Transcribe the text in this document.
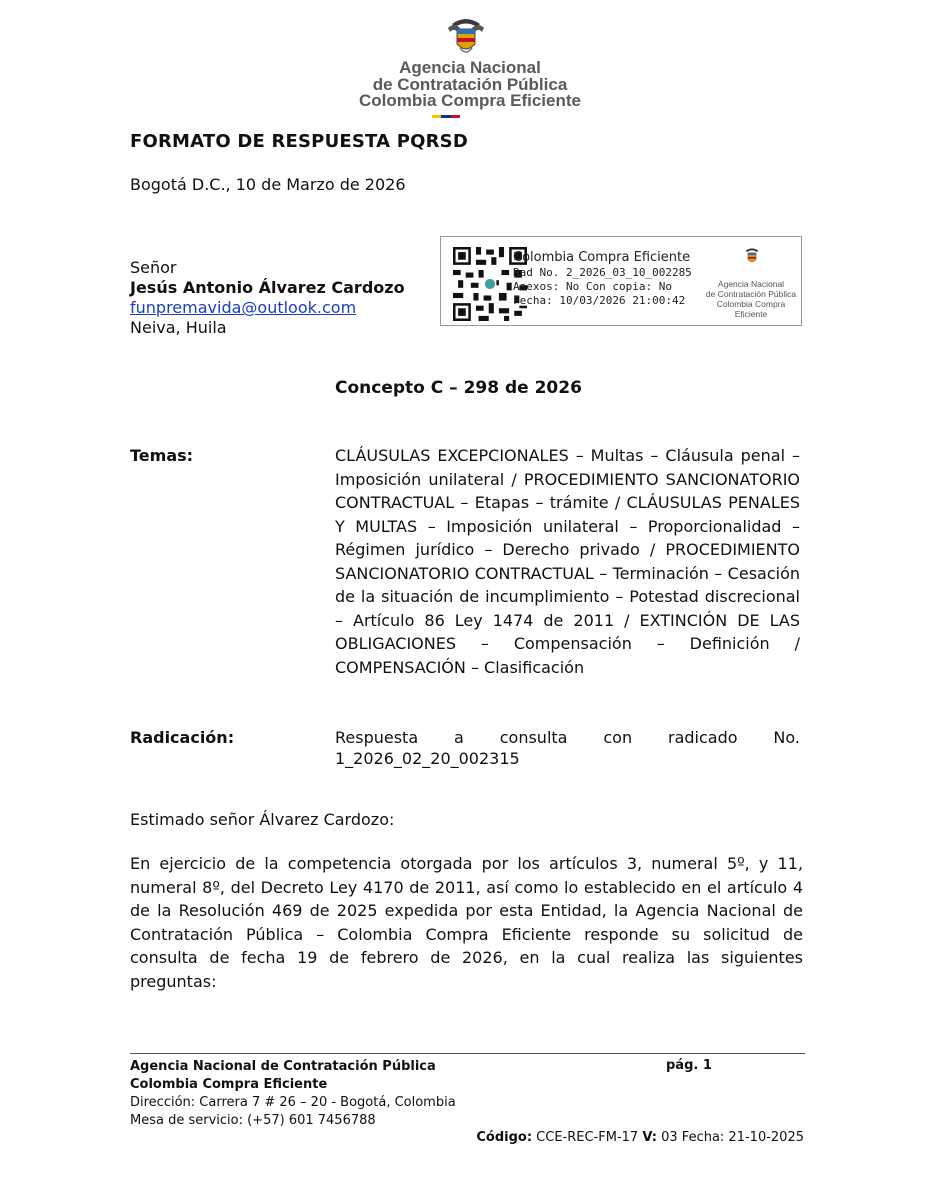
Agencia Nacional
de Contratación Pública
Colombia Compra Eficiente
FORMATO DE RESPUESTA PQRSD
Bogotá D.C., 10 de Marzo de 2026
Señor
Jesús Antonio Álvarez Cardozo
funpremavida@outlook.com
Neiva, Huila
Colombia Compra Eficiente
Rad No. 2_2026_03_10_002285
Anexos: No Con copia: No
Fecha: 10/03/2026 21:00:42
Agencia Nacional
de Contratación Pública
Colombia Compra Eficiente
Concepto C – 298 de 2026
Temas:	CLÁUSULAS EXCEPCIONALES – Multas – Cláusula penal – Imposición unilateral / PROCEDIMIENTO SANCIONATORIO CONTRACTUAL – Etapas – trámite / CLÁUSULAS PENALES Y MULTAS – Imposición unilateral – Proporcionalidad – Régimen jurídico – Derecho privado / PROCEDIMIENTO SANCIONATORIO CONTRACTUAL – Terminación – Cesación de la situación de incumplimiento – Potestad discrecional – Artículo 86 Ley 1474 de 2011 / EXTINCIÓN DE LAS OBLIGACIONES – Compensación – Definición / COMPENSACIÓN – Clasificación
Radicación:	Respuesta a consulta con radicado No. 1_2026_02_20_002315
Estimado señor Álvarez Cardozo:
En ejercicio de la competencia otorgada por los artículos 3, numeral 5º, y 11, numeral 8º, del Decreto Ley 4170 de 2011, así como lo establecido en el artículo 4 de la Resolución 469 de 2025 expedida por esta Entidad, la Agencia Nacional de Contratación Pública – Colombia Compra Eficiente responde su solicitud de consulta de fecha 19 de febrero de 2026, en la cual realiza las siguientes preguntas:
Agencia Nacional de Contratación Pública
Colombia Compra Eficiente
Dirección: Carrera 7 # 26 – 20 - Bogotá, Colombia
Mesa de servicio: (+57) 601 7456788
pág. 1
Código: CCE-REC-FM-17 V: 03 Fecha: 21-10-2025
